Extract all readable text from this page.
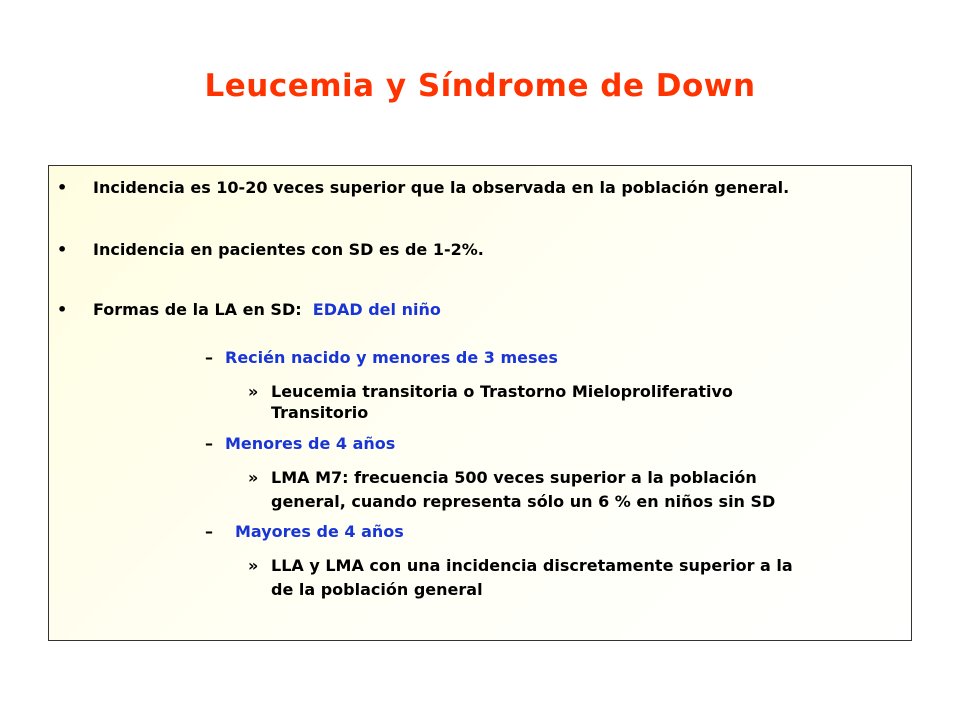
Leucemia y Síndrome de Down
• Incidencia es 10-20 veces superior que la observada en la población general.
• Incidencia en pacientes con SD es de 1-2%.
• Formas de la LA en SD: EDAD del niño
– Recién nacido y menores de 3 meses
» Leucemia transitoria o Trastorno Mieloproliferativo
Transitorio
– Menores de 4 años
» LMA M7: frecuencia 500 veces superior a la población
general, cuando representa sólo un 6 % en niños sin SD
– Mayores de 4 años
» LLA y LMA con una incidencia discretamente superior a la
de la población general
